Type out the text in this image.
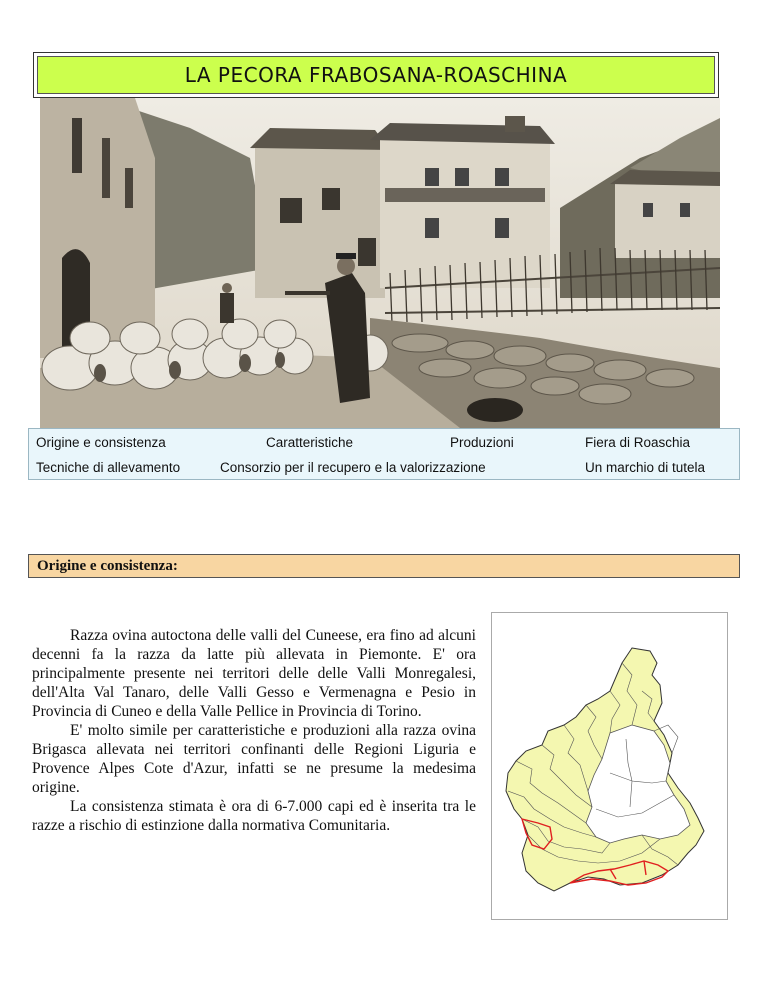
LA PECORA FRABOSANA-ROASCHINA
Origine e consistenza	Caratteristiche	Produzioni	Fiera di Roaschia
Tecniche di allevamento	Consorzio per il recupero e la valorizzazione	Un marchio di tutela
Origine e consistenza:

Razza ovina autoctona delle valli del Cuneese, era fino ad alcuni decenni fa la razza da latte più allevata in Piemonte. E' ora principalmente presente nei territori delle delle Valli Monregalesi, dell'Alta Val Tanaro, delle Valli Gesso e Vermenagna e Pesio in Provincia di Cuneo e della Valle Pellice in Provincia di Torino.

E' molto simile per caratteristiche e produzioni alla razza ovina Brigasca allevata nei territori confinanti delle Regioni Liguria e Provence Alpes Cote d'Azur, infatti se ne presume la medesima origine.

La consistenza stimata è ora di 6-7.000 capi ed è inserita tra le razze a rischio di estinzione dalla normativa Comunitaria.
